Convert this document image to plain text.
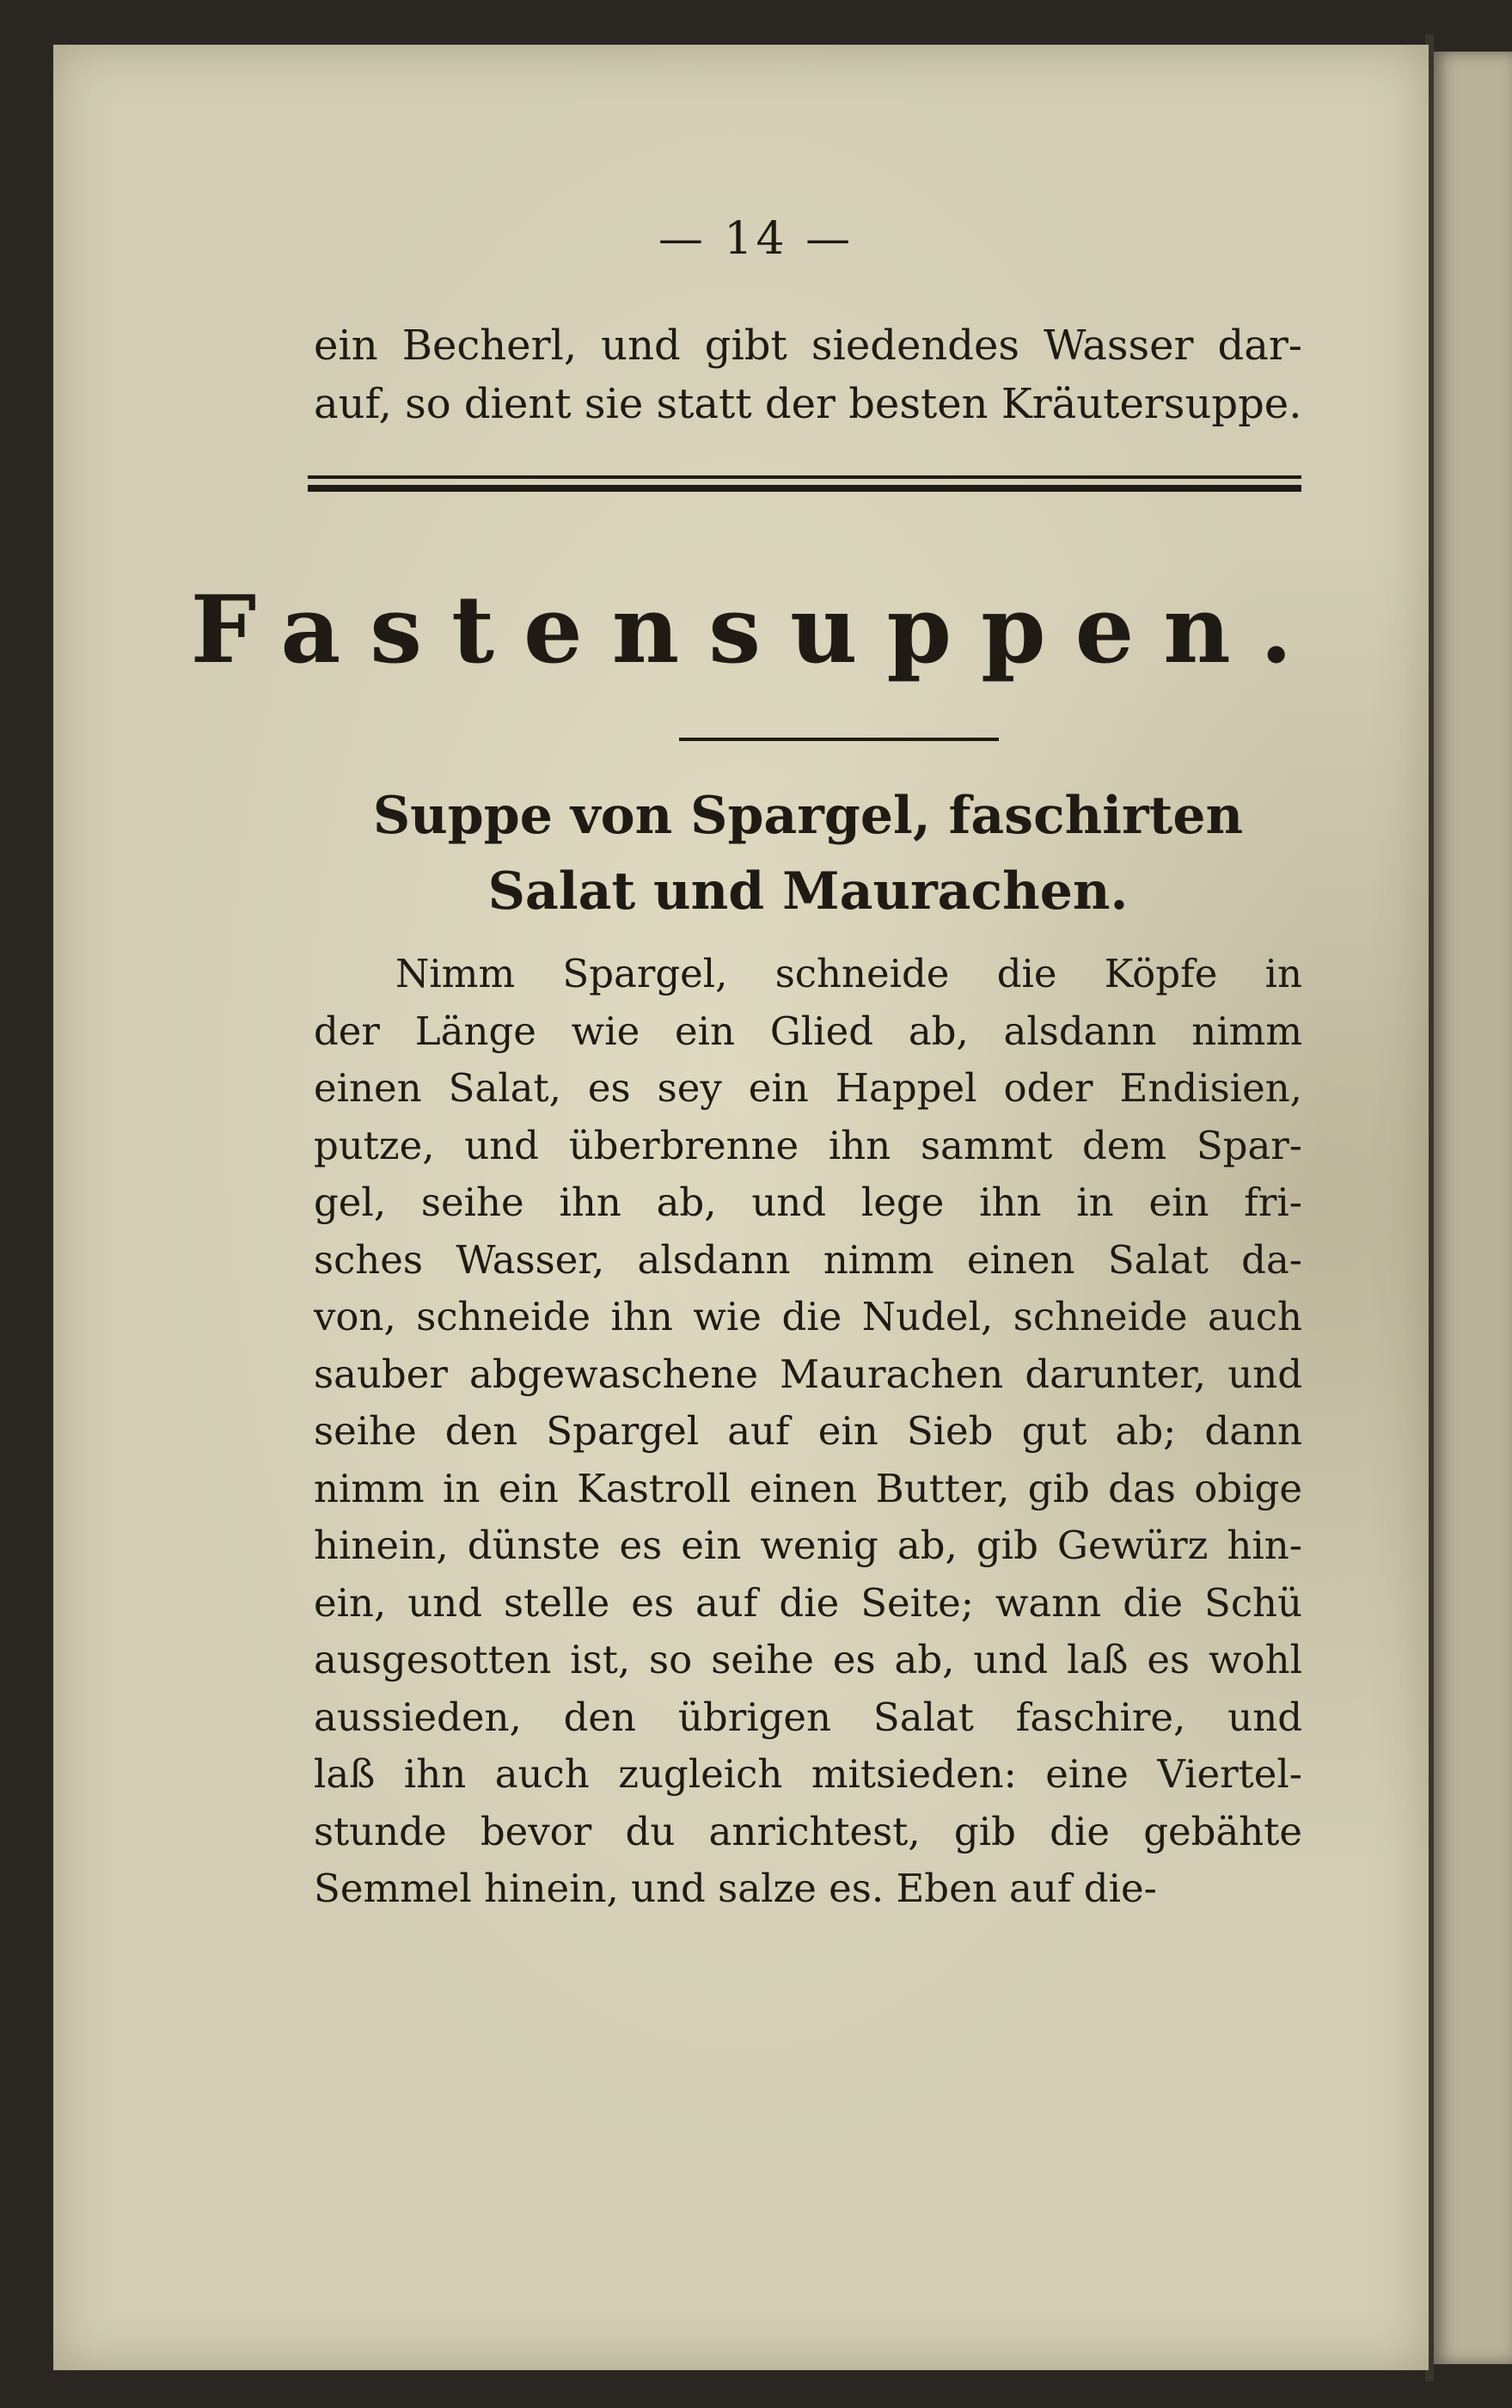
— 14 —
ein Becherl, und gibt siedendes Wasser dar-
auf, so dient sie statt der besten Kräutersuppe.
Fastensuppen.
Suppe von Spargel, faschirten Salat und Maurachen.
Nimm Spargel, schneide die Köpfe in
der Länge wie ein Glied ab, alsdann nimm
einen Salat, es sey ein Happel oder Endisien,
putze, und überbrenne ihn sammt dem Spar-
gel, seihe ihn ab, und lege ihn in ein fri-
sches Wasser, alsdann nimm einen Salat da-
von, schneide ihn wie die Nudel, schneide auch
sauber abgewaschene Maurachen darunter, und
seihe den Spargel auf ein Sieb gut ab; dann
nimm in ein Kastroll einen Butter, gib das obige
hinein, dünste es ein wenig ab, gib Gewürz hin-
ein, und stelle es auf die Seite; wann die Schü
ausgesotten ist, so seihe es ab, und laß es wohl
aussieden, den übrigen Salat faschire, und
laß ihn auch zugleich mitsieden: eine Viertel-
stunde bevor du anrichtest, gib die gebähte
Semmel hinein, und salze es. Eben auf die-
